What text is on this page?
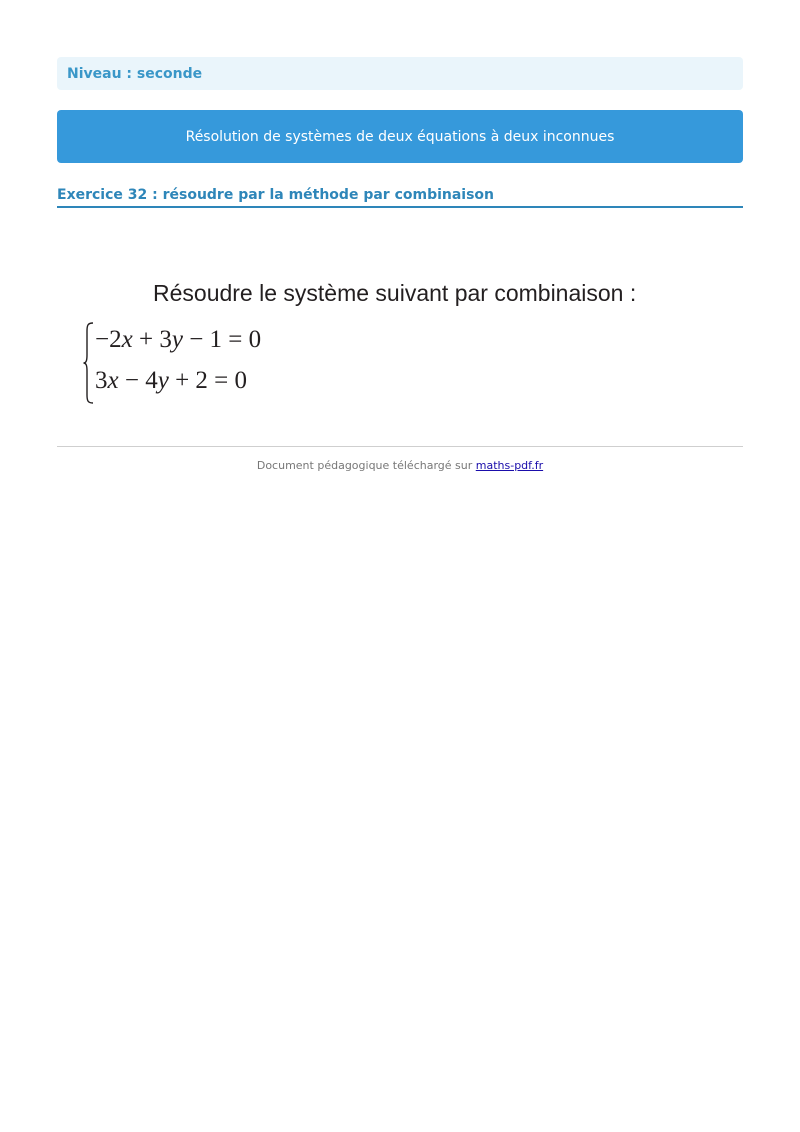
Niveau : seconde
Résolution de systèmes de deux équations à deux inconnues
Exercice 32 : résoudre par la méthode par combinaison
Résoudre le système suivant par combinaison :
−2x + 3y − 1 = 0
3x − 4y + 2 = 0
Document pédagogique téléchargé sur maths-pdf.fr
